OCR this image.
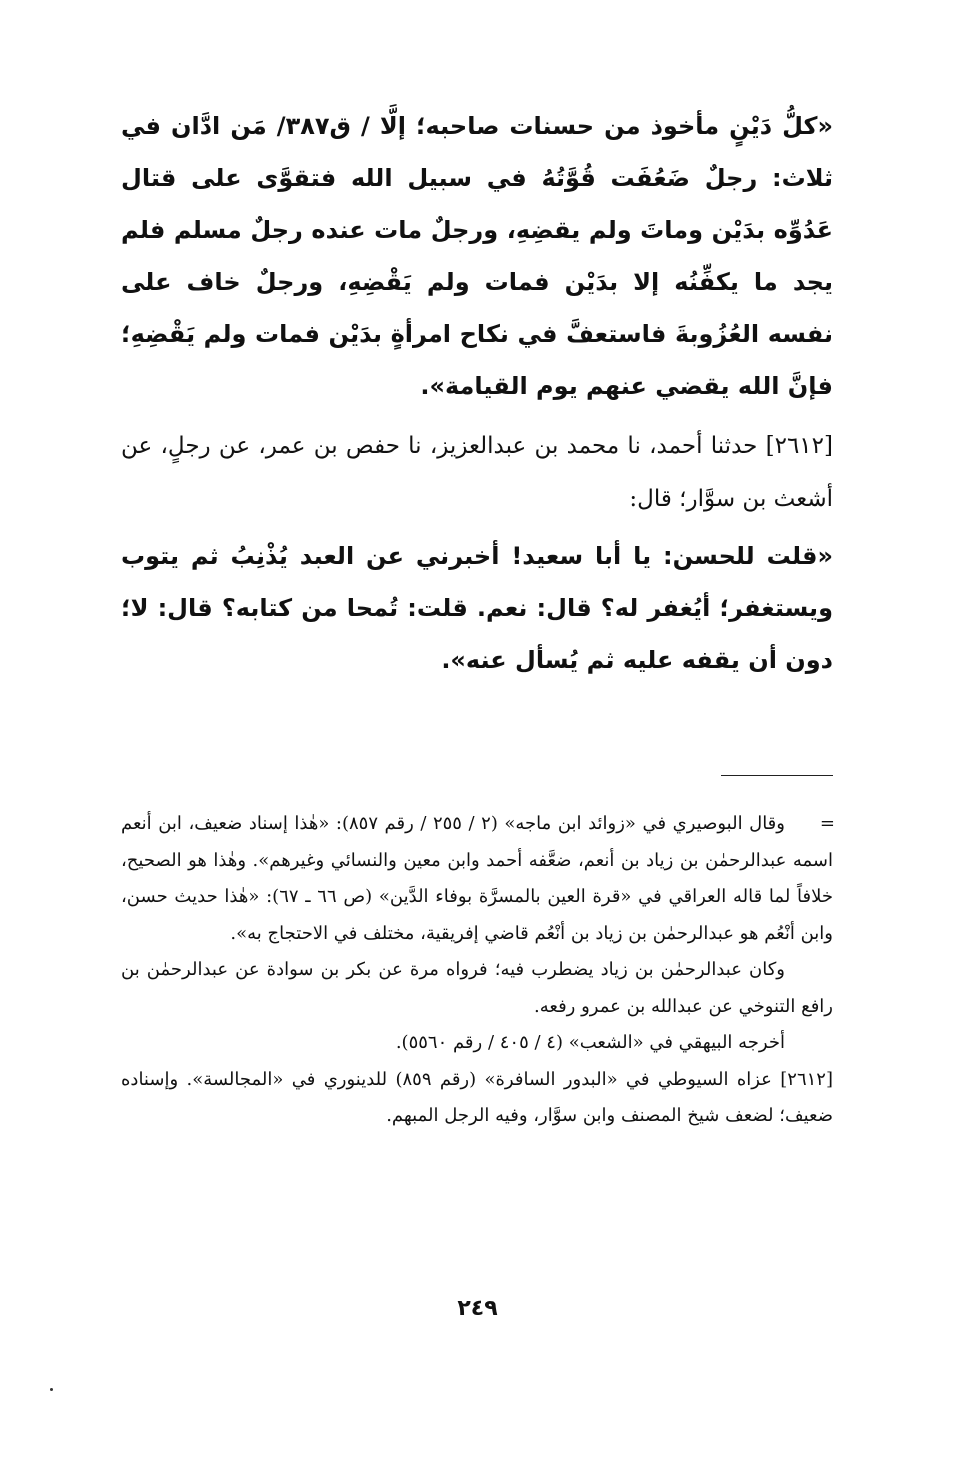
«كلُّ دَيْنٍ مأخوذ من حسنات صاحبه؛ إلَّا / ق٣٨٧/ مَن ادَّان في ثلاث: رجلٌ ضَعُفَت قُوَّتُهُ في سبيل الله فتقوَّى على قتال عَدُوِّه بدَيْن وماتَ ولم يقضِهِ، ورجلٌ مات عنده رجلٌ مسلم فلم يجد ما يكفِّنُه إلا بدَيْن فمات ولم يَقْضِهِ، ورجلٌ خاف على نفسه العُزُوبةَ فاستعفَّ في نكاح امرأةٍ بدَيْن فمات ولم يَقْضِهِ؛ فإنَّ الله يقضي عنهم يوم القيامة».

[٢٦١٢] حدثنا أحمد، نا محمد بن عبدالعزيز، نا حفص بن عمر، عن رجلٍ، عن أشعث بن سوَّار؛ قال:

«قلت للحسن: يا أبا سعيد! أخبرني عن العبد يُذْنِبُ ثم يتوب ويستغفر؛ أيُغفر له؟ قال: نعم. قلت: تُمحا من كتابه؟ قال: لا؛ دون أن يقفه عليه ثم يُسأل عنه».

=
وقال البوصيري في «زوائد ابن ماجه» (٢ / ٢٥٥ / رقم ٨٥٧): «هٰذا إسناد ضعيف، ابن أنعم اسمه عبدالرحمٰن بن زياد بن أنعم، ضعَّفه أحمد وابن معين والنسائي وغيرهم». وهٰذا هو الصحيح، خلافاً لما قاله العراقي في «قرة العين بالمسرَّة بوفاء الدَّين» (ص ٦٦ ـ ٦٧): «هٰذا حديث حسن، وابن أنْعُم هو عبدالرحمٰن بن زياد بن أنْعُم قاضي إفريقية، مختلف في الاحتجاج به».

وكان عبدالرحمٰن بن زياد يضطرب فيه؛ فرواه مرة عن بكر بن سوادة عن عبدالرحمٰن بن رافع التنوخي عن عبدالله بن عمرو رفعه.

أخرجه البيهقي في «الشعب» (٤ / ٤٠٥ / رقم ٥٥٦٠).

[٢٦١٢] عزاه السيوطي في «البدور السافرة» (رقم ٨٥٩) للدينوري في «المجالسة». وإسناده ضعيف؛ لضعف شيخ المصنف وابن سوَّار، وفيه الرجل المبهم.

٢٤٩
